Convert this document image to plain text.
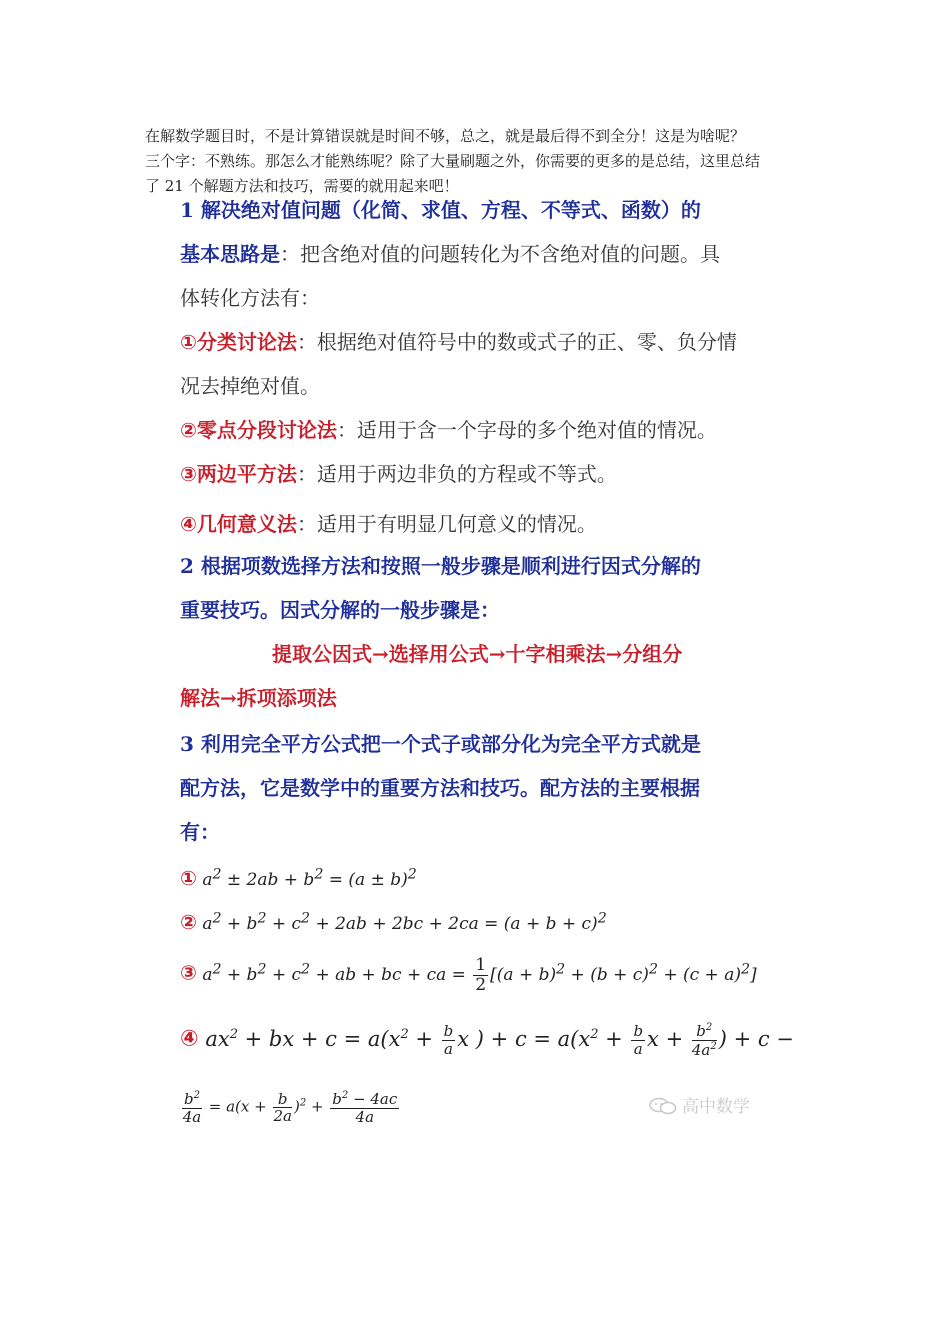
在解数学题目时，不是计算错误就是时间不够，总之，就是最后得不到全分！这是为啥呢？
三个字：不熟练。那怎么才能熟练呢？除了大量刷题之外，你需要的更多的是总结，这里总结
了 21 个解题方法和技巧，需要的就用起来吧！
1 解决绝对值问题（化简、求值、方程、不等式、函数）的
基本思路是：把含绝对值的问题转化为不含绝对值的问题。具
体转化方法有：
①分类讨论法：根据绝对值符号中的数或式子的正、零、负分情
况去掉绝对值。
②零点分段讨论法：适用于含一个字母的多个绝对值的情况。
③两边平方法：适用于两边非负的方程或不等式。
④几何意义法：适用于有明显几何意义的情况。
2 根据项数选择方法和按照一般步骤是顺利进行因式分解的
重要技巧。因式分解的一般步骤是：
提取公因式→选择用公式→十字相乘法→分组分
解法→拆项添项法
3 利用完全平方公式把一个式子或部分化为完全平方式就是
配方法，它是数学中的重要方法和技巧。配方法的主要根据
有：
① $a^2 \pm 2ab + b^2 = (a \pm b)^2$
② $a^2 + b^2 + c^2 + 2ab + 2bc + 2ca = (a + b + c)^2$
③ $a^2 + b^2 + c^2$ + ab + bc + ca = $\frac{1}{2} [(a + b)^2 + (b + c)^2 + (c + a)^2]$
④ $ax^2$ + bx + $c = a(x^2 + \frac{b}{a}$ x ) + $c = a(x^2 + \frac{b}{a}$ $x + \frac{b^2}{4a^2}$ ) + c −
$\frac{b^2}{4a} = a(x + \frac{b}{2a} )^2 + \frac{b^2 - 4ac}{4a}$	高中数学
